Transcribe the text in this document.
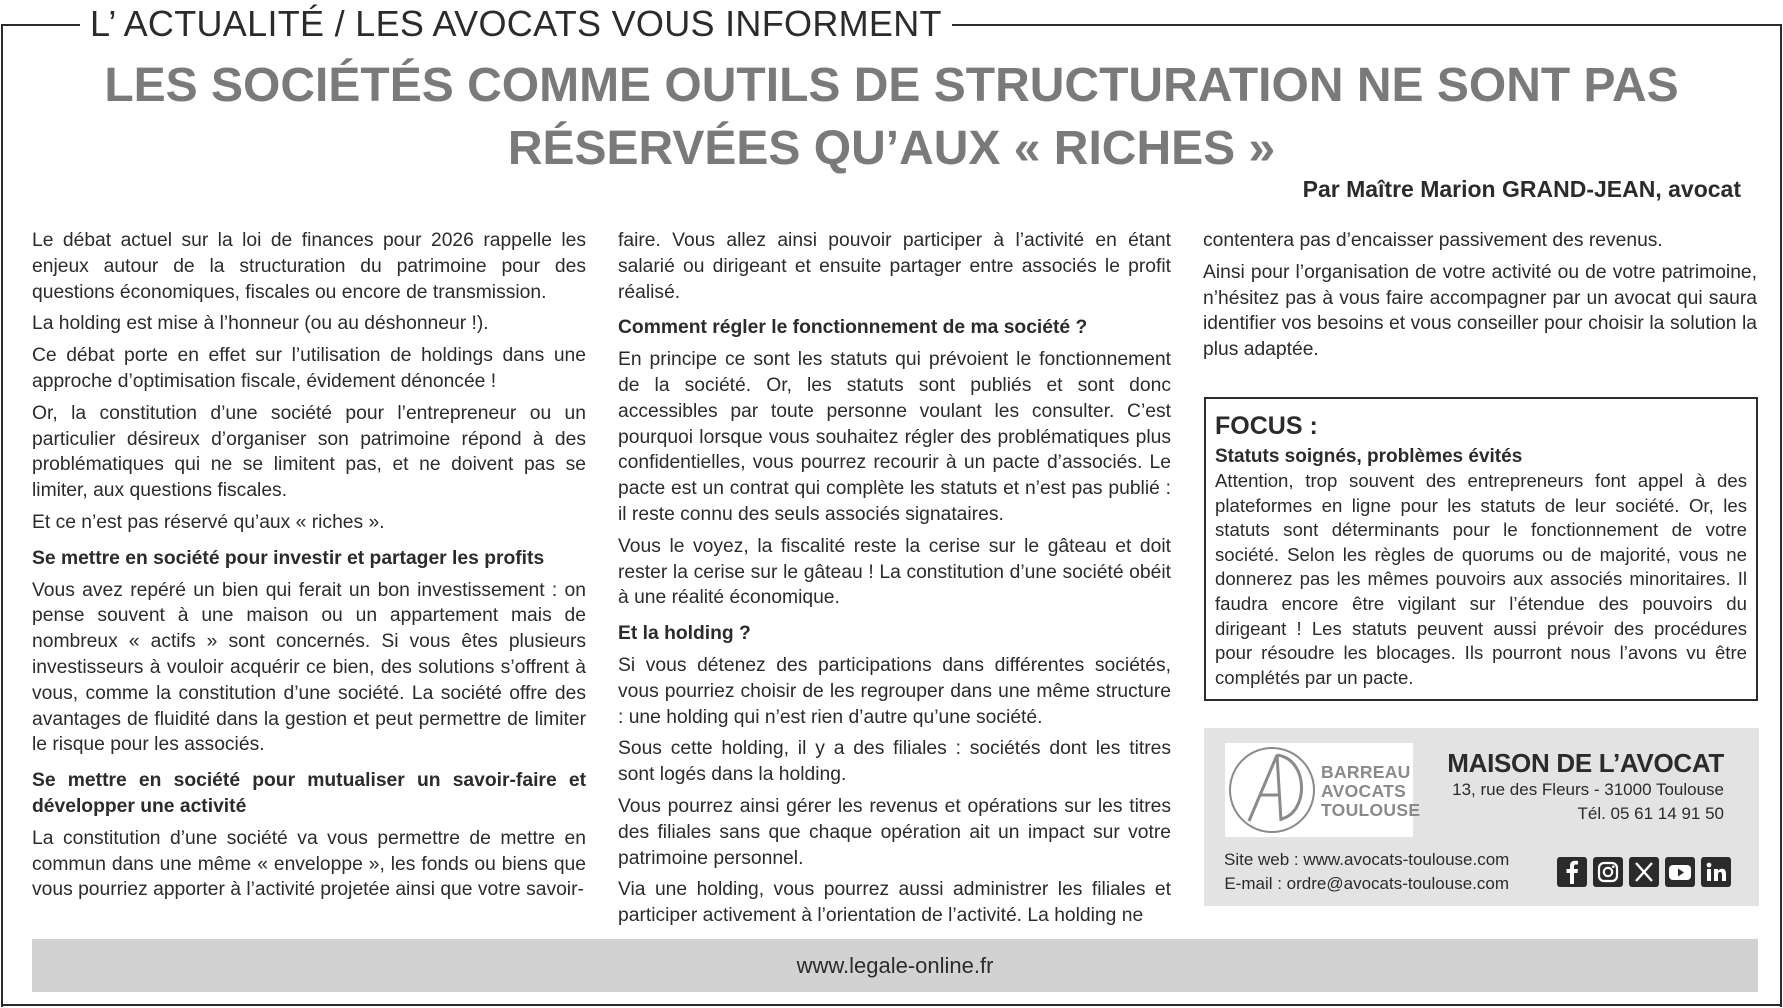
L’ ACTUALITÉ / LES AVOCATS VOUS INFORMENT
LES SOCIÉTÉS COMME OUTILS DE STRUCTURATION NE SONT PAS
RÉSERVÉES QU’AUX « RICHES »
Par Maître Marion GRAND-JEAN, avocat

Le débat actuel sur la loi de finances pour 2026 rappelle les enjeux autour de la structuration du patrimoine pour des questions économiques, fiscales ou encore de transmission.

La holding est mise à l’honneur (ou au déshonneur !).

Ce débat porte en effet sur l’utilisation de holdings dans une approche d’optimisation fiscale, évidement dénoncée !

Or, la constitution d’une société pour l’entrepreneur ou un particulier désireux d’organiser son patrimoine répond à des problématiques qui ne se limitent pas, et ne doivent pas se limiter, aux questions fiscales.

Et ce n’est pas réservé qu’aux « riches ».

Se mettre en société pour investir et partager les profits

Vous avez repéré un bien qui ferait un bon investissement : on pense souvent à une maison ou un appartement mais de nombreux « actifs » sont concernés. Si vous êtes plusieurs investisseurs à vouloir acquérir ce bien, des solutions s’offrent à vous, comme la constitution d’une société. La société offre des avantages de fluidité dans la gestion et peut permettre de limiter le risque pour les associés.

Se mettre en société pour mutualiser un savoir-faire et développer une activité

La constitution d’une société va vous permettre de mettre en commun dans une même « enveloppe », les fonds ou biens que vous pourriez apporter à l’activité projetée ainsi que votre savoir-

faire. Vous allez ainsi pouvoir participer à l’activité en étant salarié ou dirigeant et ensuite partager entre associés le profit réalisé.

Comment régler le fonctionnement de ma société ?

En principe ce sont les statuts qui prévoient le fonctionnement de la société. Or, les statuts sont publiés et sont donc accessibles par toute personne voulant les consulter. C’est pourquoi lorsque vous souhaitez régler des problématiques plus confidentielles, vous pourrez recourir à un pacte d’associés. Le pacte est un contrat qui complète les statuts et n’est pas publié : il reste connu des seuls associés signataires.

Vous le voyez, la fiscalité reste la cerise sur le gâteau et doit rester la cerise sur le gâteau ! La constitution d’une société obéit à une réalité économique.

Et la holding ?

Si vous détenez des participations dans différentes sociétés, vous pourriez choisir de les regrouper dans une même structure : une holding qui n’est rien d’autre qu’une société.

Sous cette holding, il y a des filiales : sociétés dont les titres sont logés dans la holding.

Vous pourrez ainsi gérer les revenus et opérations sur les titres des filiales sans que chaque opération ait un impact sur votre patrimoine personnel.

Via une holding, vous pourrez aussi administrer les filiales et participer activement à l’orientation de l’activité. La holding ne

contentera pas d’encaisser passivement des revenus.

Ainsi pour l’organisation de votre activité ou de votre patrimoine, n’hésitez pas à vous faire accompagner par un avocat qui saura identifier vos besoins et vous conseiller pour choisir la solution la plus adaptée.

FOCUS :
Statuts soignés, problèmes évités
Attention, trop souvent des entrepreneurs font appel à des plateformes en ligne pour les statuts de leur société. Or, les statuts sont déterminants pour le fonctionnement de votre société. Selon les règles de quorums ou de majorité, vous ne donnerez pas les mêmes pouvoirs aux associés minoritaires. Il faudra encore être vigilant sur l’étendue des pouvoirs du dirigeant ! Les statuts peuvent aussi prévoir des procédures pour résoudre les blocages. Ils pourront nous l’avons vu être complétés par un pacte.
BARREAU
AVOCATS
TOULOUSE
MAISON DE L’AVOCAT
13, rue des Fleurs - 31000 Toulouse
Tél. 05 61 14 91 50
Site web : www.avocats-toulouse.com
E-mail : ordre@avocats-toulouse.com
www.legale-online.fr
